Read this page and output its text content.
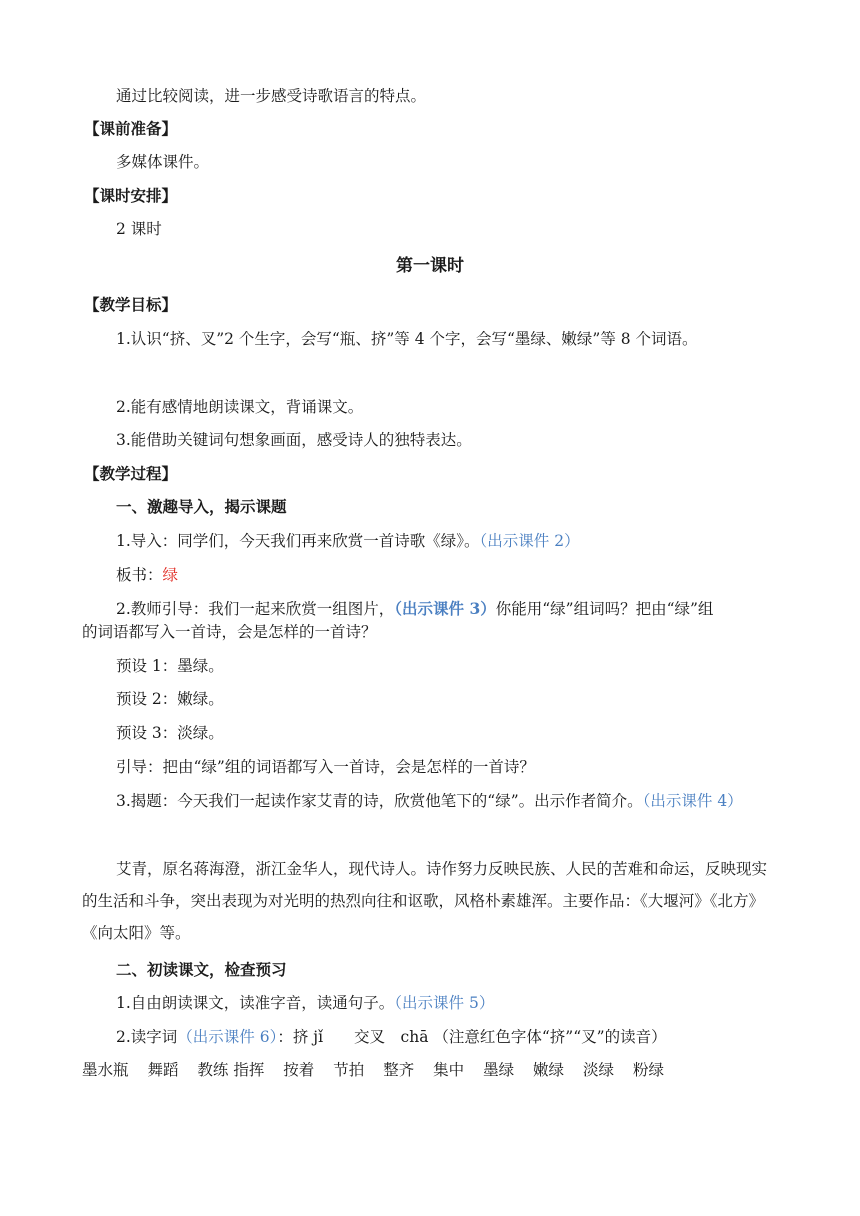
通过比较阅读，进一步感受诗歌语言的特点。
【课前准备】
多媒体课件。
【课时安排】
2 课时
第一课时
【教学目标】
1.认识“挤、叉”2 个生字，会写“瓶、挤”等 4 个字，会写“墨绿、嫩绿”等 8 个词语。
2.能有感情地朗读课文，背诵课文。
3.能借助关键词句想象画面，感受诗人的独特表达。
【教学过程】
一、激趣导入，揭示课题
1.导入：同学们，今天我们再来欣赏一首诗歌《绿》。（出示课件 2）
板书：绿
2.教师引导：我们一起来欣赏一组图片，（出示课件 3）你能用“绿”组词吗？把由“绿”组
的词语都写入一首诗，会是怎样的一首诗？
预设 1：墨绿。
预设 2：嫩绿。
预设 3：淡绿。
引导：把由“绿”组的词语都写入一首诗，会是怎样的一首诗？
3.揭题：今天我们一起读作家艾青的诗，欣赏他笔下的“绿”。出示作者简介。（出示课件 4）
艾青，原名蒋海澄，浙江金华人，现代诗人。诗作努力反映民族、人民的苦难和命运，反映现实的生活和斗争，突出表现为对光明的热烈向往和讴歌，风格朴素雄浑。主要作品：《大堰河》《北方》《向太阳》等。
二、初读课文，检查预习
1.自由朗读课文，读准字音，读通句子。（出示课件 5）
2.读字词（出示课件 6）：挤 jǐ　　交叉　chā （注意红色字体“挤”“叉”的读音）
墨水瓶 舞蹈 教练 指挥 按着 节拍 整齐 集中 墨绿 嫩绿 淡绿 粉绿
